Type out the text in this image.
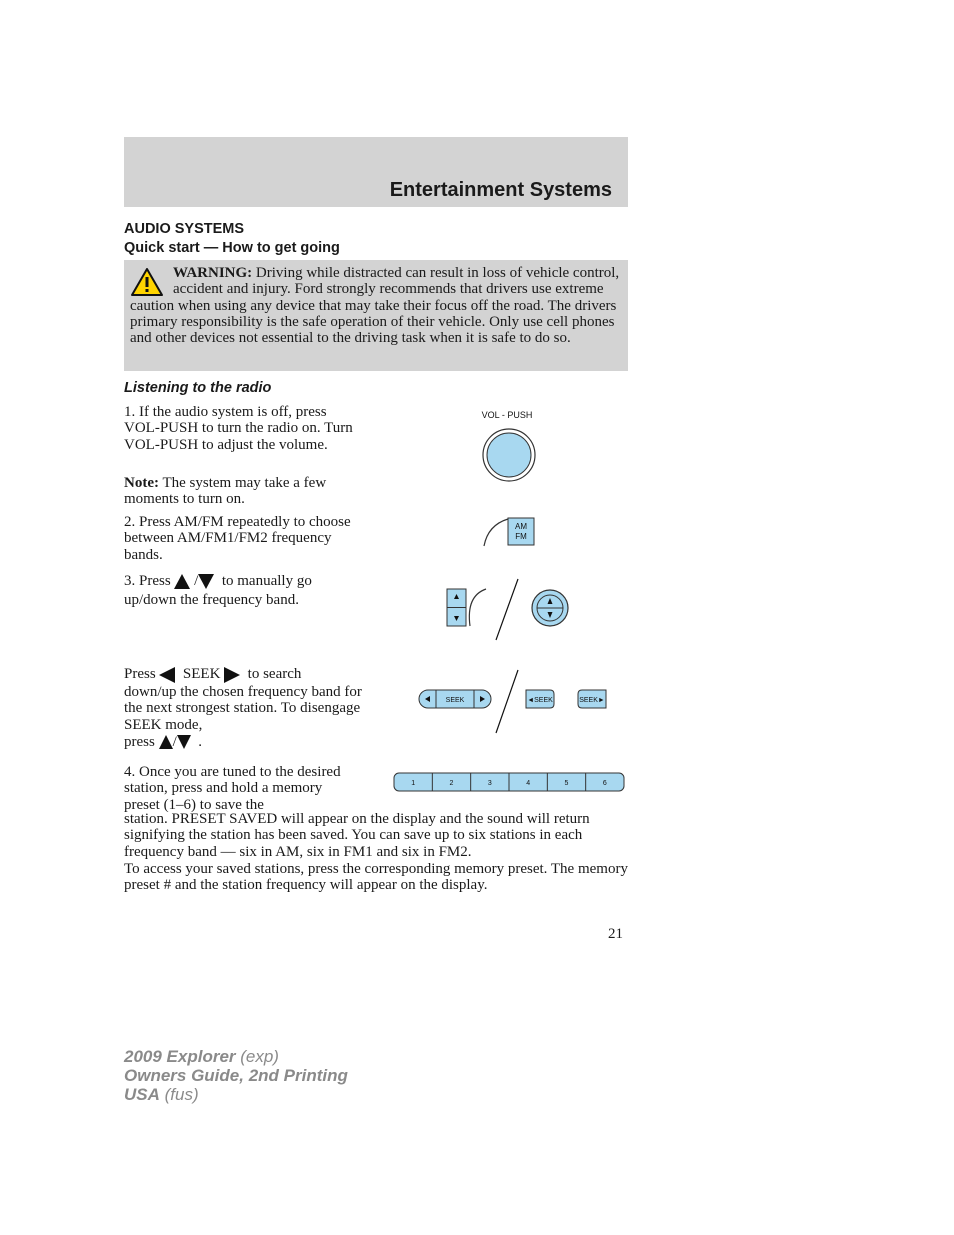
Entertainment Systems
AUDIO SYSTEMS
Quick start — How to get going
WARNING: Driving while distracted can result in loss of vehicle control, accident and injury. Ford strongly recommends that drivers use extreme caution when using any device that may take their focus off the road. The drivers primary responsibility is the safe operation of their vehicle. Only use cell phones and other devices not essential to the driving task when it is safe to do so.
Listening to the radio
1. If the audio system is off, press VOL-PUSH to turn the radio on. Turn VOL-PUSH to adjust the volume.
Note: The system may take a few moments to turn on.
2. Press AM/FM repeatedly to choose between AM/FM1/FM2 frequency bands.
3. Press / to manually go up/down the frequency band.
Press SEEK to search
down/up the chosen frequency band for the next strongest station. To disengage SEEK mode,
press / .
4. Once you are tuned to the desired station, press and hold a memory preset (1–6) to save the
station. PRESET SAVED will appear on the display and the sound will return signifying the station has been saved. You can save up to six stations in each frequency band — six in AM, six in FM1 and six in FM2.
To access your saved stations, press the corresponding memory preset. The memory preset # and the station frequency will appear on the display.
VOL - PUSH
AM
FM
SEEK	◄SEEK	SEEK►
1	2	3	4	5	6
21
2009 Explorer (exp)
Owners Guide, 2nd Printing
USA (fus)
